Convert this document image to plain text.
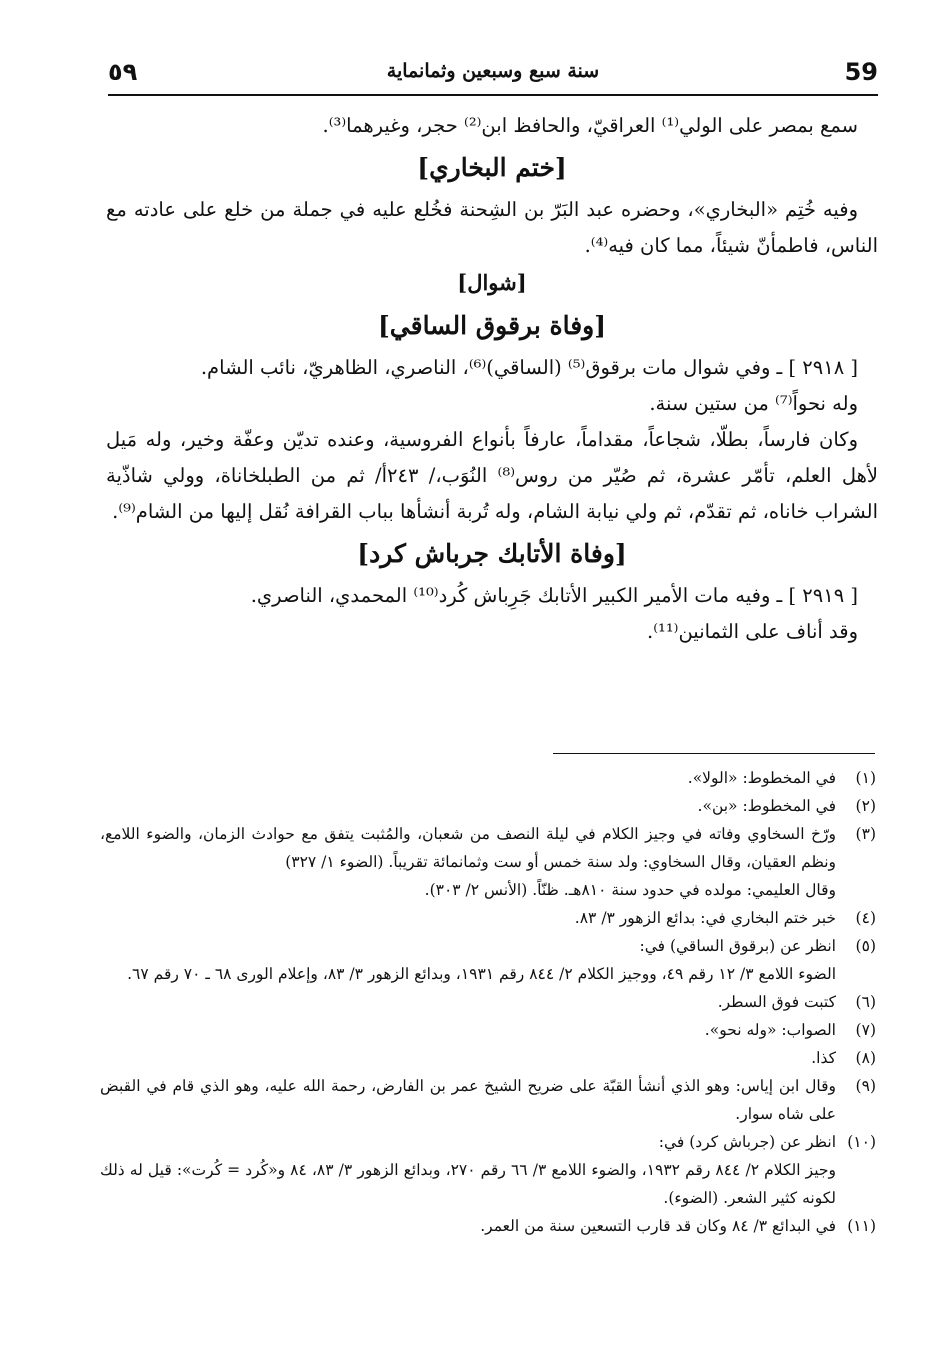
٥٩	سنة سبع وسبعين وثمانماية	59

سمع بمصر على الولي⁽¹⁾ العراقيّ، والحافظ ابن⁽²⁾ حجر، وغيرهما⁽³⁾.

[ختم البخاري]

وفيه خُتِم «البخاري»، وحضره عبد البَرّ بن الشِحنة فخُلع عليه في جملة من خلع على عادته مع الناس، فاطمأنّ شيئاً، مما كان فيه⁽⁴⁾.

[شوال]

[وفاة برقوق الساقي]

[ ٢٩١٨ ] ـ وفي شوال مات برقوق⁽⁵⁾ (الساقي)⁽⁶⁾، الناصري، الظاهريّ، نائب الشام.

وله نحواً⁽⁷⁾ من ستين سنة.

وكان فارساً، بطلّا، شجاعاً، مقداماً، عارفاً بأنواع الفروسية، وعنده تديّن وعفّة وخير، وله مَيل لأهل العلم، تأمّر عشرة، ثم صُيّر من روس⁽⁸⁾ النُوَب،/ ٢٤٣أ/ ثم من الطبلخاناة، وولي شاذّية الشراب خاناه، ثم تقدّم، ثم ولي نيابة الشام، وله تُربة أنشأها بباب القرافة نُقل إليها من الشام⁽⁹⁾.

[وفاة الأتابك جرباش كرد]

[ ٢٩١٩ ] ـ وفيه مات الأمير الكبير الأتابك جَرِباش كُرد⁽¹⁰⁾ المحمدي، الناصري.

وقد أناف على الثمانين⁽¹¹⁾.

(١)
في المخطوط: «الولا».
(٢)
في المخطوط: «بن».
(٣)
ورّخ السخاوي وفاته في وجيز الكلام في ليلة النصف من شعبان، والمُثبت يتفق مع حوادث الزمان، والضوء اللامع، ونظم العقيان، وقال السخاوي: ولد سنة خمس أو ست وثمانمائة تقريباً. (الضوء ١/ ٣٢٧)
وقال العليمي: مولده في حدود سنة ٨١٠هـ. ظنّاً. (الأنس ٢/ ٣٠٣).
(٤)
خبر ختم البخاري في: بدائع الزهور ٣/ ٨٣.
(٥)
انظر عن (برقوق الساقي) في:
الضوء اللامع ٣/ ١٢ رقم ٤٩، ووجيز الكلام ٢/ ٨٤٤ رقم ١٩٣١، وبدائع الزهور ٣/ ٨٣، وإعلام الورى ٦٨ ـ ٧٠ رقم ٦٧.
(٦)
كتبت فوق السطر.
(٧)
الصواب: «وله نحو».
(٨)
كذا.
(٩)
وقال ابن إياس: وهو الذي أنشأ القبّة على ضريح الشيخ عمر بن الفارض، رحمة الله عليه، وهو الذي قام في القبض على شاه سوار.
(١٠)
انظر عن (جرباش كرد) في:
وجيز الكلام ٢/ ٨٤٤ رقم ١٩٣٢، والضوء اللامع ٣/ ٦٦ رقم ٢٧٠، وبدائع الزهور ٣/ ٨٣، ٨٤ و«كُرد = كُرت»: قيل له ذلك لكونه كثير الشعر. (الضوء).
(١١)
في البدائع ٣/ ٨٤ وكان قد قارب التسعين سنة من العمر.
